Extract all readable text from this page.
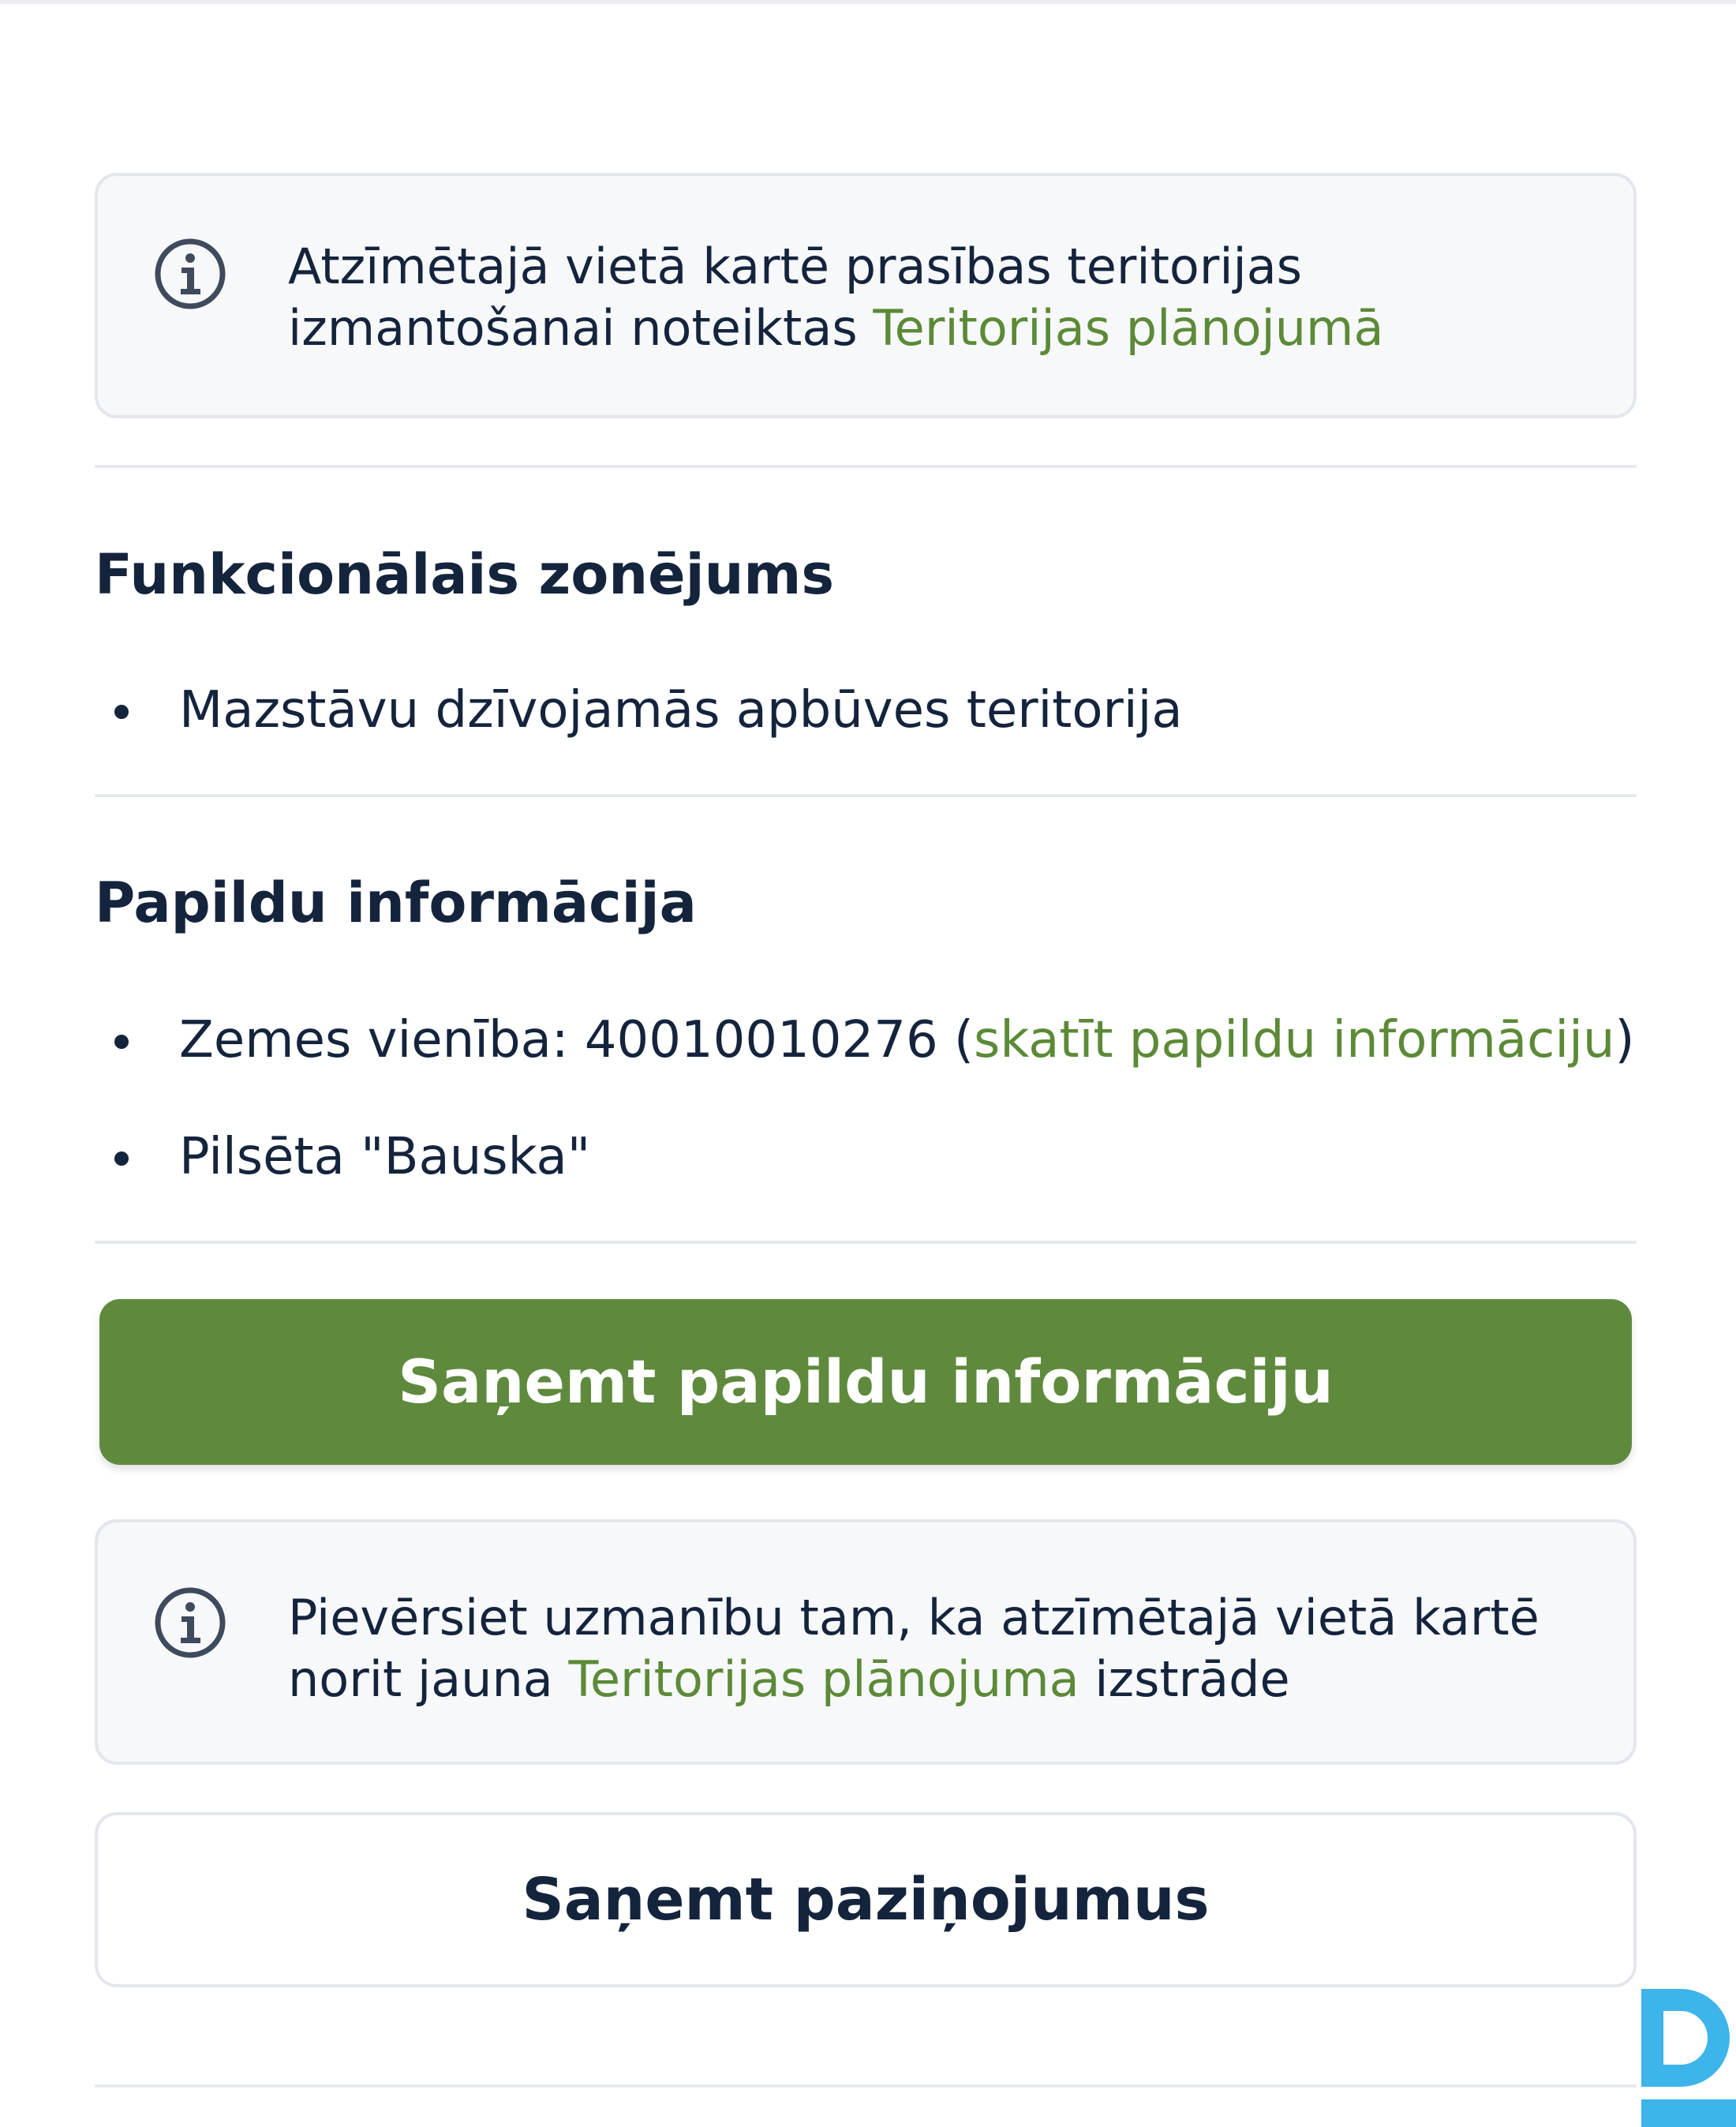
Atzīmētajā vietā kartē prasības teritorijas izmantošanai noteiktas Teritorijas plānojumā
Funkcionālais zonējums
Mazstāvu dzīvojamās apbūves teritorija
Papildu informācija
Zemes vienība: 40010010276 (skatīt papildu informāciju)
Pilsēta "Bauska"
Saņemt papildu informāciju
Pievērsiet uzmanību tam, ka atzīmētajā vietā kartē norit jauna Teritorijas plānojuma izstrāde
Saņemt paziņojumus
